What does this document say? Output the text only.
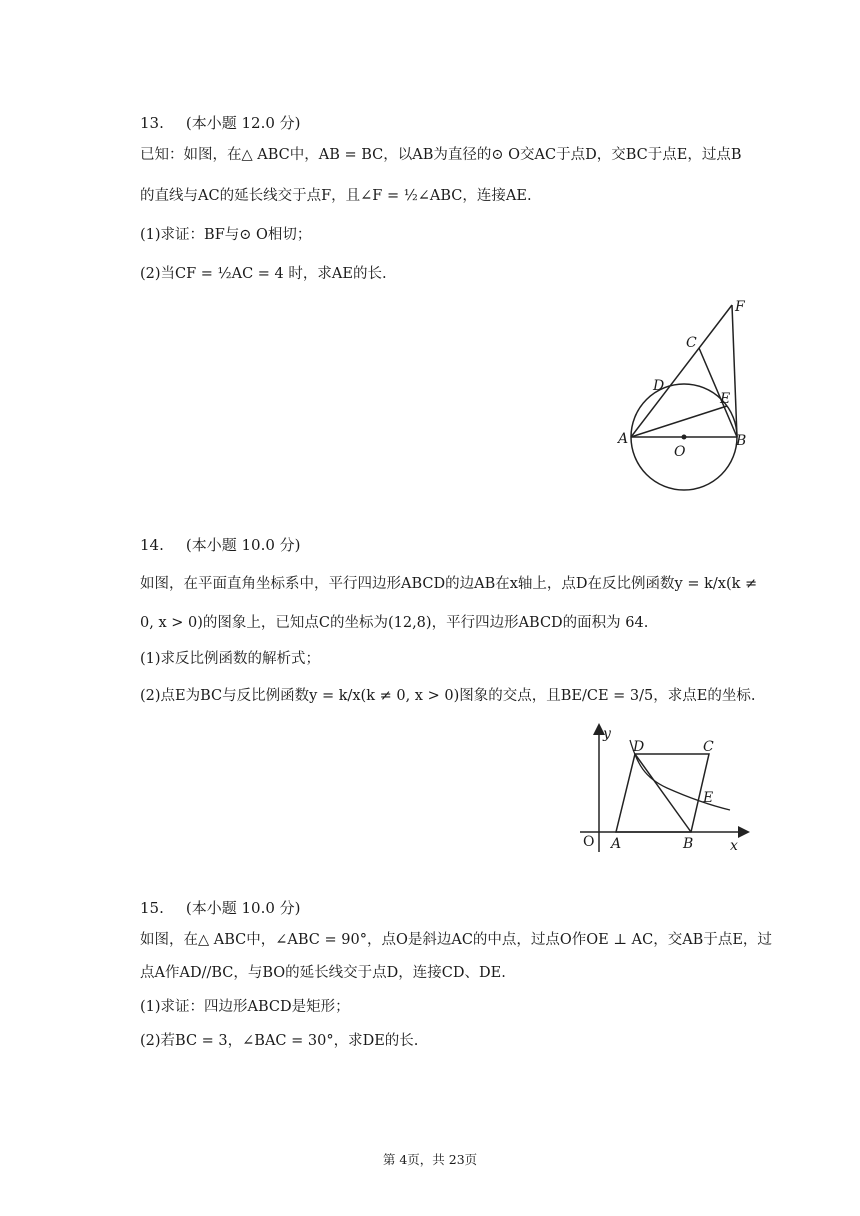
13. (本小题 12.0 分)
已知：如图，在△ ABC中，AB = BC，以AB为直径的⊙ O交AC于点D，交BC于点E，过点B
的直线与AC的延长线交于点F，且∠F = ½∠ABC，连接AE.
(1)求证：BF与⊙ O相切；
(2)当CF = ½AC = 4 时，求AE的长.
A	B
C
D
E
F
O
14. (本小题 10.0 分)
如图，在平面直角坐标系中，平行四边形ABCD的边AB在x轴上，点D在反比例函数y = k/x(k ≠
0, x > 0)的图象上，已知点C的坐标为(12,8)，平行四边形ABCD的面积为 64.
(1)求反比例函数的解析式；
(2)点E为BC与反比例函数y = k/x(k ≠ 0, x > 0)图象的交点，且BE/CE = 3/5，求点E的坐标.
y
x
O A	B
C
D
E
15. (本小题 10.0 分)
如图，在△ ABC中，∠ABC = 90°，点O是斜边AC的中点，过点O作OE ⊥ AC，交AB于点E，过
点A作AD//BC，与BO的延长线交于点D，连接CD、DE.
(1)求证：四边形ABCD是矩形；
(2)若BC = 3，∠BAC = 30°，求DE的长.
第 4页，共 23页
